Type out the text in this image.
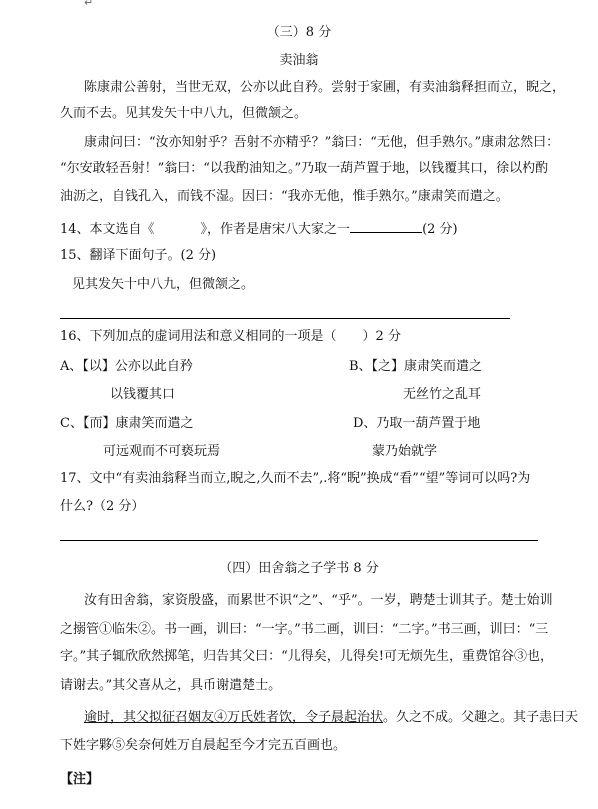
↵
（三）8 分
卖油翁
陈康肃公善射，当世无双，公亦以此自矜。尝射于家圃，有卖油翁释担而立，睨之，
久而不去。见其发矢十中八九，但微颔之。
康肃问曰：“汝亦知射乎？吾射不亦精乎？”翁曰：“无他，但手熟尔。”康肃忿然曰：
“尔安敢轻吾射！”翁曰：“以我酌油知之。”乃取一葫芦置于地，以钱覆其口，徐以杓酌
油沥之，自钱孔入，而钱不湿。因曰：“我亦无他，惟手熟尔。”康肃笑而遣之。
14、本文选自《	》，作者是唐宋八大家之一	(2 分)
15、翻译下面句子。(2 分)
见其发矢十中八九，但微颔之。
16、下列加点的虚词用法和意义相同的一项是（　　）2 分
A、【以】公亦以此自矜
以钱覆其口
B、【之】康肃笑而遣之
无丝竹之乱耳
C、【而】康肃笑而遣之
可远观而不可亵玩焉
D、乃取一葫芦置于地
蒙乃始就学
17、文中“有卖油翁释当而立,睨之,久而不去”,.将“睨”换成“看”“望”等词可以吗?为
什么?（2 分）
（四）田舍翁之子学书 8 分
汝有田舍翁，家资殷盛，而累世不识“之”、“乎”。一岁，聘楚士训其子。楚士始训
之搦管①临朱②。书一画，训曰：“一字。”书二画，训曰：“二字。”书三画，训曰：“三
字。”其子辄欣欣然掷笔，归告其父曰：“儿得矣，儿得矣!可无烦先生，重费馆谷③也，
请谢去。”其父喜从之，具币谢遣楚士。
逾时，其父拟征召姻友④万氏姓者饮，令子晨起治状。久之不成。父趣之。其子恚曰天
下姓字夥⑤矣奈何姓万自晨起至今才完五百画也。
【注】
